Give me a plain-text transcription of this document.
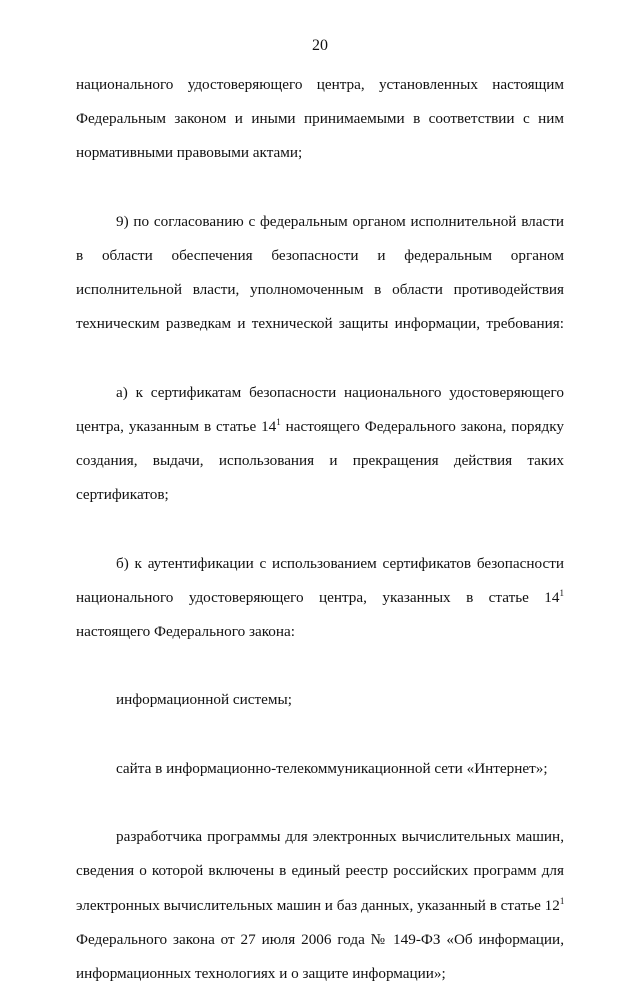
20
национального удостоверяющего центра, установленных настоящим
Федеральным законом и иными принимаемыми в соответствии с ним
нормативными правовыми актами;
9) по согласованию с федеральным органом исполнительной власти
в области обеспечения безопасности и федеральным органом
исполнительной власти, уполномоченным в области противодействия
техническим разведкам и технической защиты информации, требования:
а) к сертификатам безопасности национального удостоверяющего
центра, указанным в статье $14^1$ настоящего Федерального закона, порядку
создания, выдачи, использования и прекращения действия таких
сертификатов;
б) к аутентификации с использованием сертификатов безопасности
национального удостоверяющего центра, указанных в статье $14^1$
настоящего Федерального закона:
информационной системы;
сайта в информационно-телекоммуникационной сети «Интернет»;
разработчика программы для электронных вычислительных машин,
сведения о которой включены в единый реестр российских программ для
электронных вычислительных машин и баз данных, указанный в статье $12^1$
Федерального закона от 27 июля 2006 года № 149-ФЗ «Об информации,
информационных технологиях и о защите информации»;
